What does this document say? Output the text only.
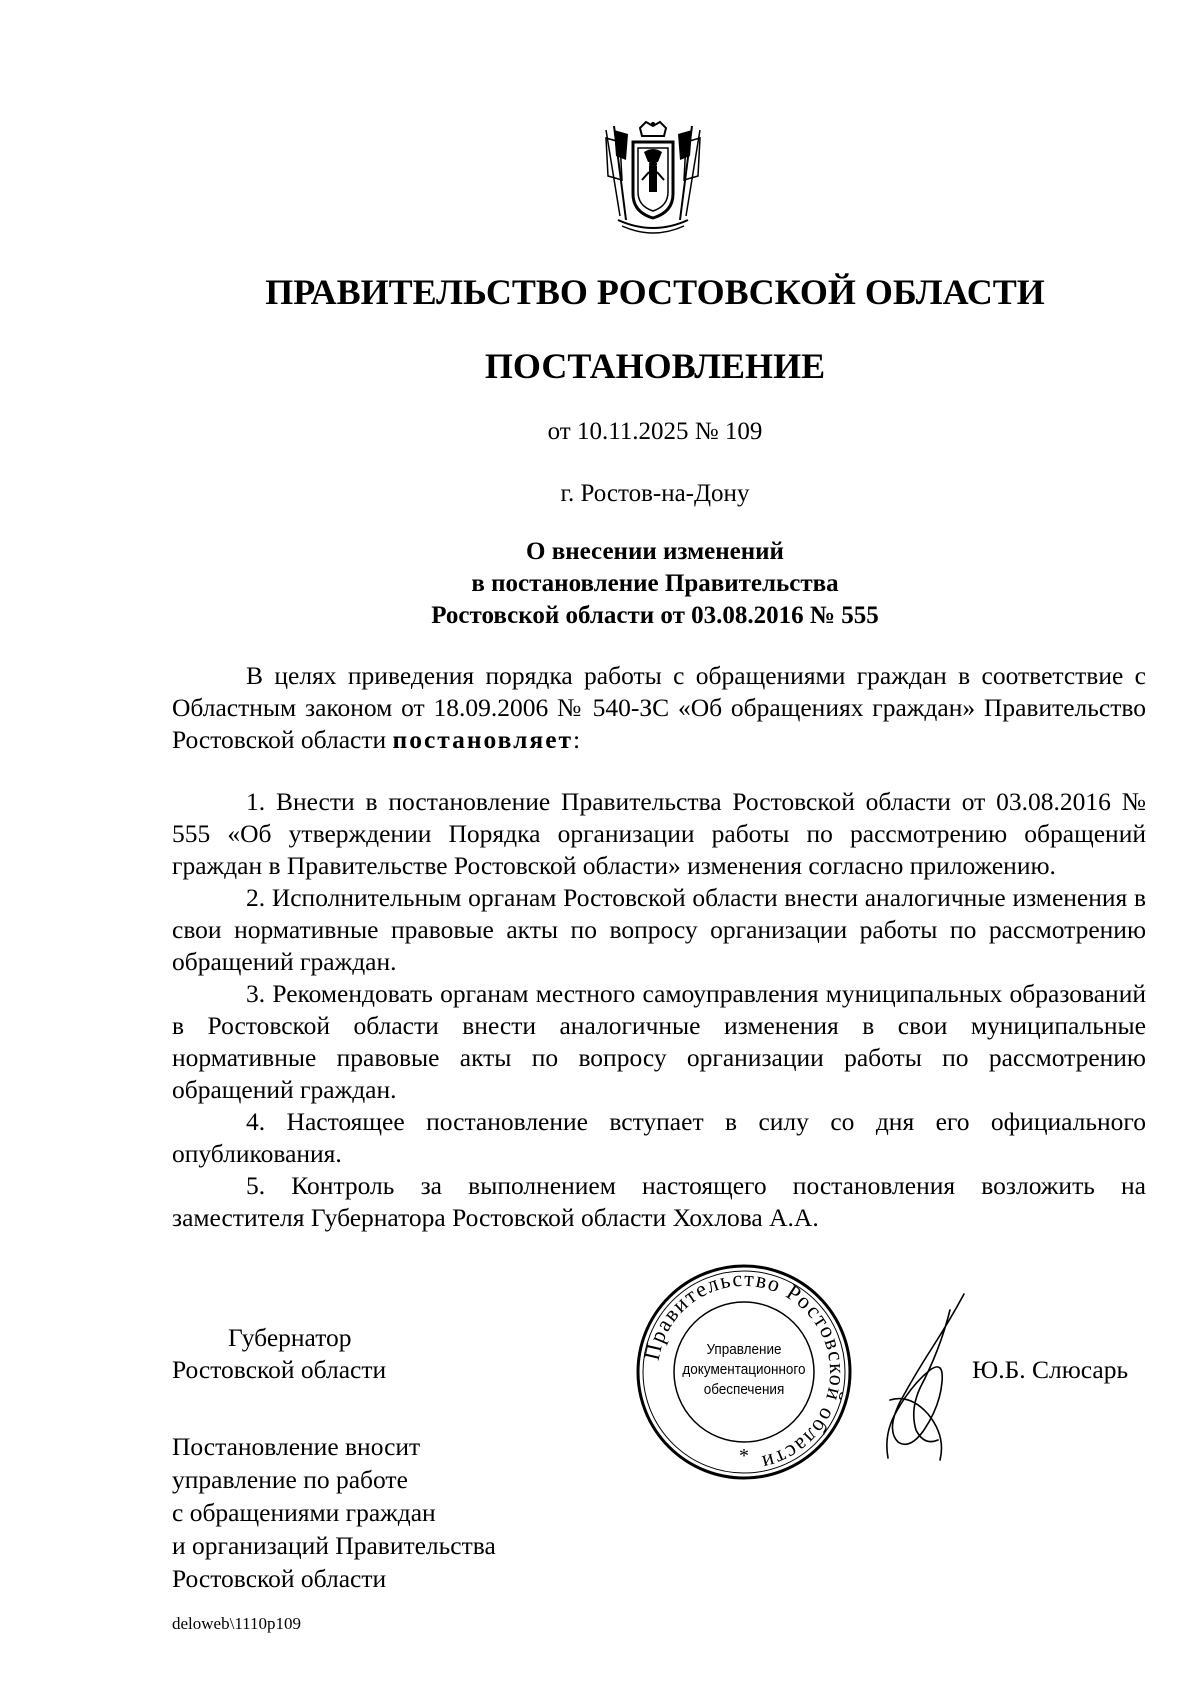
ПРАВИТЕЛЬСТВО РОСТОВСКОЙ ОБЛАСТИ
ПОСТАНОВЛЕНИЕ
от 10.11.2025 № 109
г. Ростов-на-Дону
О внесении изменений
в постановление Правительства
Ростовской области от 03.08.2016 № 555

В целях приведения порядка работы с обращениями граждан в соответствие с Областным законом от 18.09.2006 № 540-ЗС «Об обращениях граждан» Правительство Ростовской области постановляет:

1. Внести в постановление Правительства Ростовской области от 03.08.2016 № 555 «Об утверждении Порядка организации работы по рассмотрению обращений граждан в Правительстве Ростовской области» изменения согласно приложению.

2. Исполнительным органам Ростовской области внести аналогичные изменения в свои нормативные правовые акты по вопросу организации работы по рассмотрению обращений граждан.

3. Рекомендовать органам местного самоуправления муниципальных образований в Ростовской области внести аналогичные изменения в свои муниципальные нормативные правовые акты по вопросу организации работы по рассмотрению обращений граждан.

4. Настоящее постановление вступает в силу со дня его официального опубликования.

5. Контроль за выполнением настоящего постановления возложить на заместителя Губернатора Ростовской области Хохлова А.А.

Губернатор
Ростовской области
Правительство Ростовской области
*
Управление
документационного
обеспечения
Ю.Б. Слюсарь
Постановление вносит
управление по работе
с обращениями граждан
и организаций Правительства
Ростовской области
deloweb\1110p109
